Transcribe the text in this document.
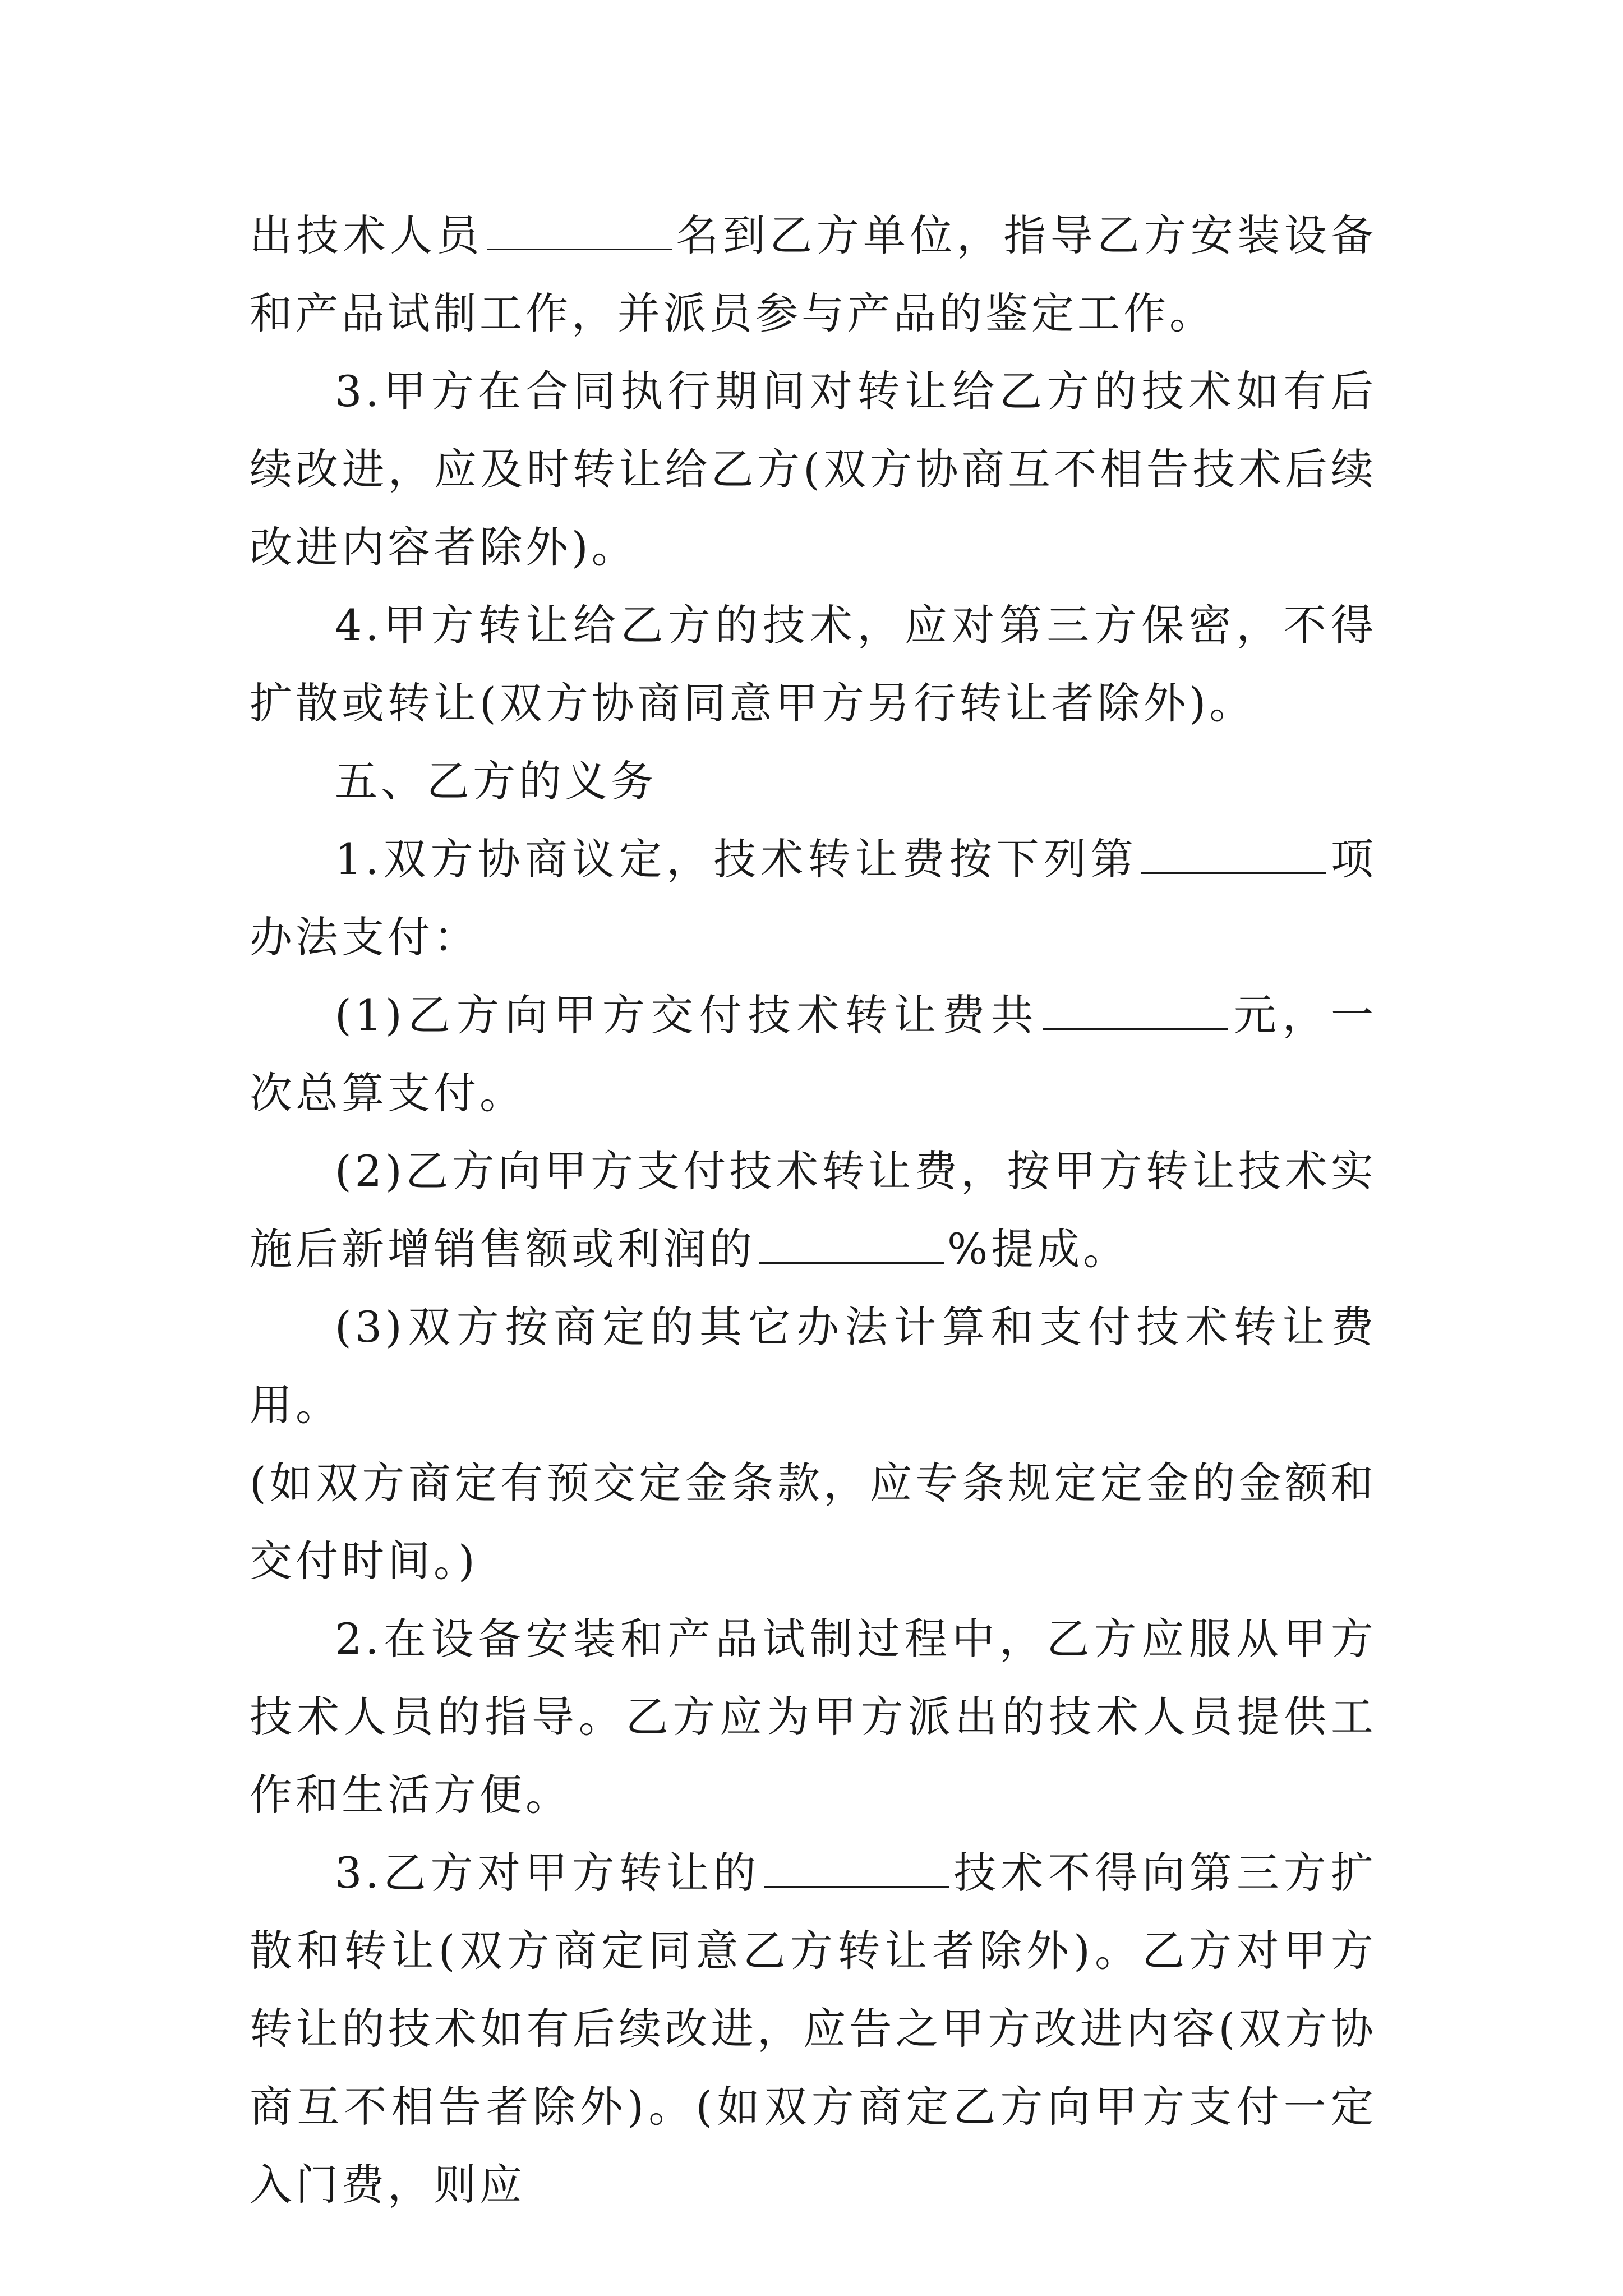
出技术人员	名到乙方单位，指导乙方安装设备和产品试制工作，并派员参与产品的鉴定工作。

3.甲方在合同执行期间对转让给乙方的技术如有后续改进，应及时转让给乙方(双方协商互不相告技术后续改进内容者除外)。

4.甲方转让给乙方的技术，应对第三方保密，不得扩散或转让(双方协商同意甲方另行转让者除外)。

五、乙方的义务

1.双方协商议定，技术转让费按下列第	项办法支付：

(1)乙方向甲方交付技术转让费共	元，一次总算支付。

(2)乙方向甲方支付技术转让费，按甲方转让技术实施后新增销售额或利润的	%提成。

(3)双方按商定的其它办法计算和支付技术转让费用。

(如双方商定有预交定金条款，应专条规定定金的金额和交付时间。)

2.在设备安装和产品试制过程中，乙方应服从甲方技术人员的指导。乙方应为甲方派出的技术人员提供工作和生活方便。

3.乙方对甲方转让的	技术不得向第三方扩散和转让(双方商定同意乙方转让者除外)。乙方对甲方转让的技术如有后续改进，应告之甲方改进内容(双方协商互不相告者除外)。(如双方商定乙方向甲方支付一定入门费，则应
